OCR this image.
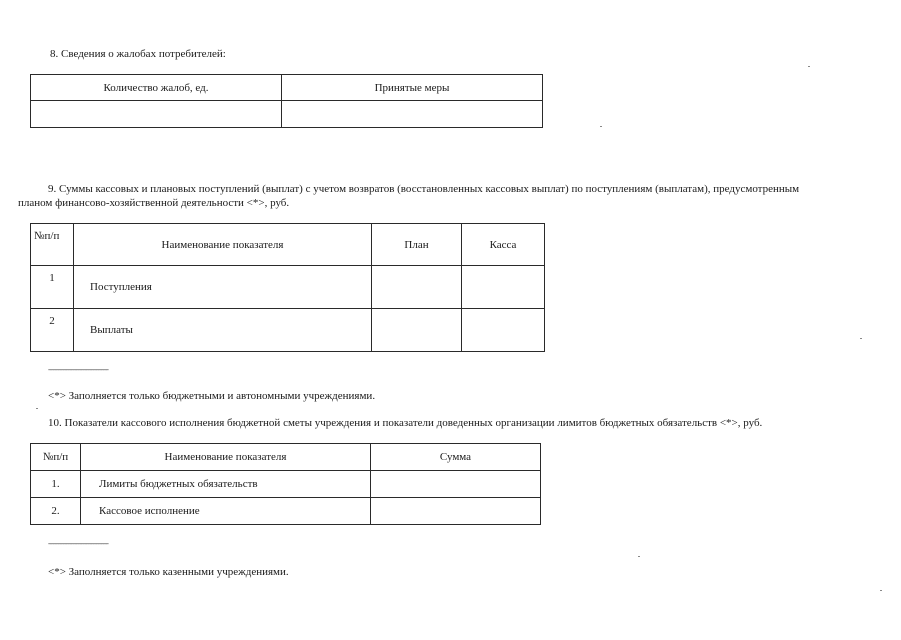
8. Сведения о жалобах потребителей:
Количество жалоб, ед.	Принятые меры

9. Суммы кассовых и плановых поступлений (выплат) с учетом возвратов (восстановленных кассовых выплат) по поступлениям (выплатам), предусмотренным
планом финансово-хозяйственной деятельности <*>, руб.
№п/п	Наименование показателя	План	Касса
1	Поступления		
2	Выплаты		
------------------------------------
<*> Заполняется только бюджетными и автономными учреждениями.
10. Показатели кассового исполнения бюджетной сметы учреждения и показатели доведенных организации лимитов бюджетных обязательств <*>, руб.
№п/п	Наименование показателя	Сумма
1.	Лимиты бюджетных обязательств	
2.	Кассовое исполнение	
------------------------------------
<*> Заполняется только казенными учреждениями.
